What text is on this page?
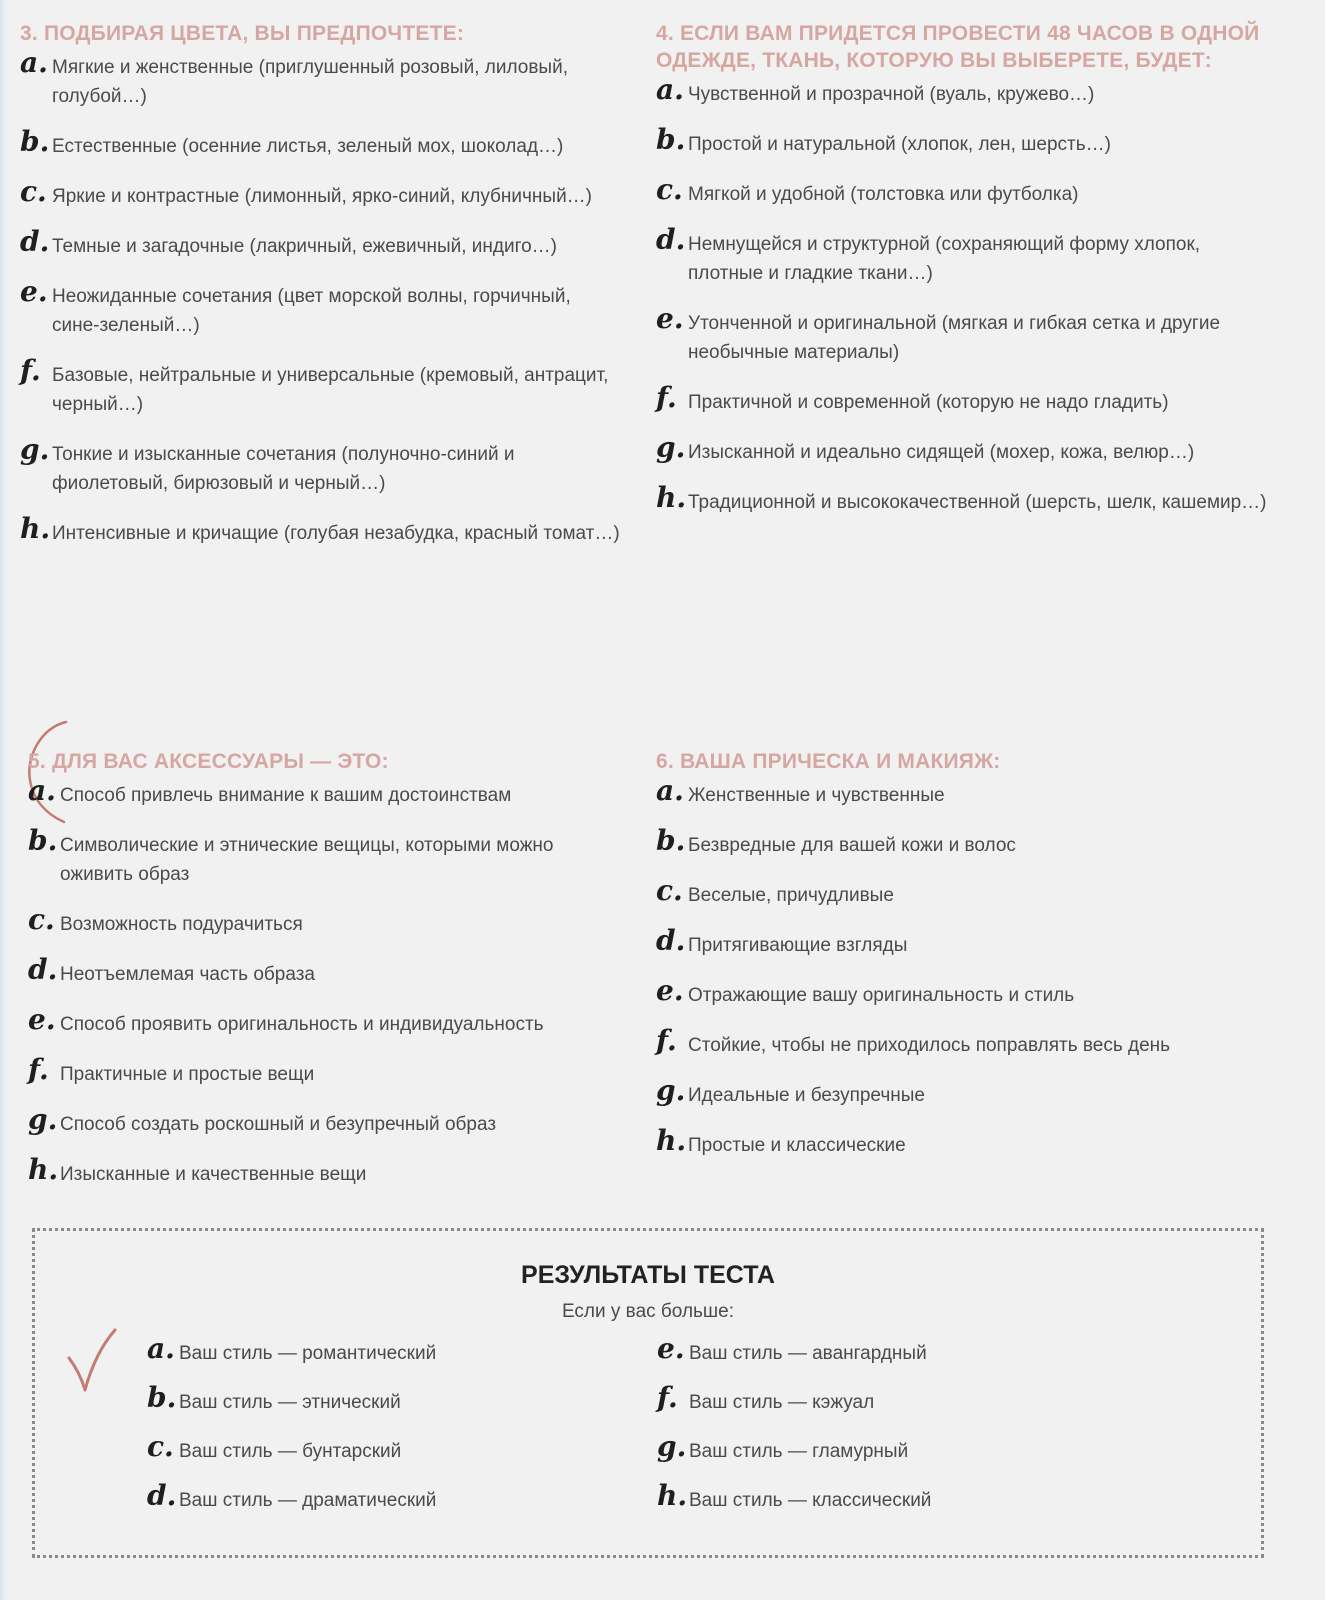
3. ПОДБИРАЯ ЦВЕТА, ВЫ ПРЕДПОЧТЕТЕ:
a. Мягкие и женственные (приглушенный розовый, лиловый, голубой…)
b. Естественные (осенние листья, зеленый мох, шоколад…)
c. Яркие и контрастные (лимонный, ярко-синий, клубничный…)
d. Темные и загадочные (лакричный, ежевичный, индиго…)
e. Неожиданные сочетания (цвет морской волны, горчичный, сине-зеленый…)
f. Базовые, нейтральные и универсальные (кремовый, антрацит, черный…)
g. Тонкие и изысканные сочетания (полуночно-синий и фиолетовый, бирюзовый и черный…)
h. Интенсивные и кричащие (голубая незабудка, красный томат…)
4. ЕСЛИ ВАМ ПРИДЕТСЯ ПРОВЕСТИ 48 ЧАСОВ В ОДНОЙ ОДЕЖДЕ, ТКАНЬ, КОТОРУЮ ВЫ ВЫБЕРЕТЕ, БУДЕТ:
a. Чувственной и прозрачной (вуаль, кружево…)
b. Простой и натуральной (хлопок, лен, шерсть…)
c. Мягкой и удобной (толстовка или футболка)
d. Немнущейся и структурной (сохраняющий форму хлопок, плотные и гладкие ткани…)
e. Утонченной и оригинальной (мягкая и гибкая сетка и другие необычные материалы)
f. Практичной и современной (которую не надо гладить)
g. Изысканной и идеально сидящей (мохер, кожа, велюр…)
h. Традиционной и высококачественной (шерсть, шелк, кашемир…)
5. ДЛЯ ВАС АКСЕССУАРЫ — ЭТО:
a. Способ привлечь внимание к вашим достоинствам
b. Символические и этнические вещицы, которыми можно оживить образ
c. Возможность подурачиться
d. Неотъемлемая часть образа
e. Способ проявить оригинальность и индивидуальность
f. Практичные и простые вещи
g. Способ создать роскошный и безупречный образ
h. Изысканные и качественные вещи
6. ВАША ПРИЧЕСКА И МАКИЯЖ:
a. Женственные и чувственные
b. Безвредные для вашей кожи и волос
c. Веселые, причудливые
d. Притягивающие взгляды
e. Отражающие вашу оригинальность и стиль
f. Стойкие, чтобы не приходилось поправлять весь день
g. Идеальные и безупречные
h. Простые и классические
РЕЗУЛЬТАТЫ ТЕСТА
Если у вас больше:
a. Ваш стиль — романтический
b. Ваш стиль — этнический
c. Ваш стиль — бунтарский
d. Ваш стиль — драматический
e. Ваш стиль — авангардный
f. Ваш стиль — кэжуал
g. Ваш стиль — гламурный
h. Ваш стиль — классический
